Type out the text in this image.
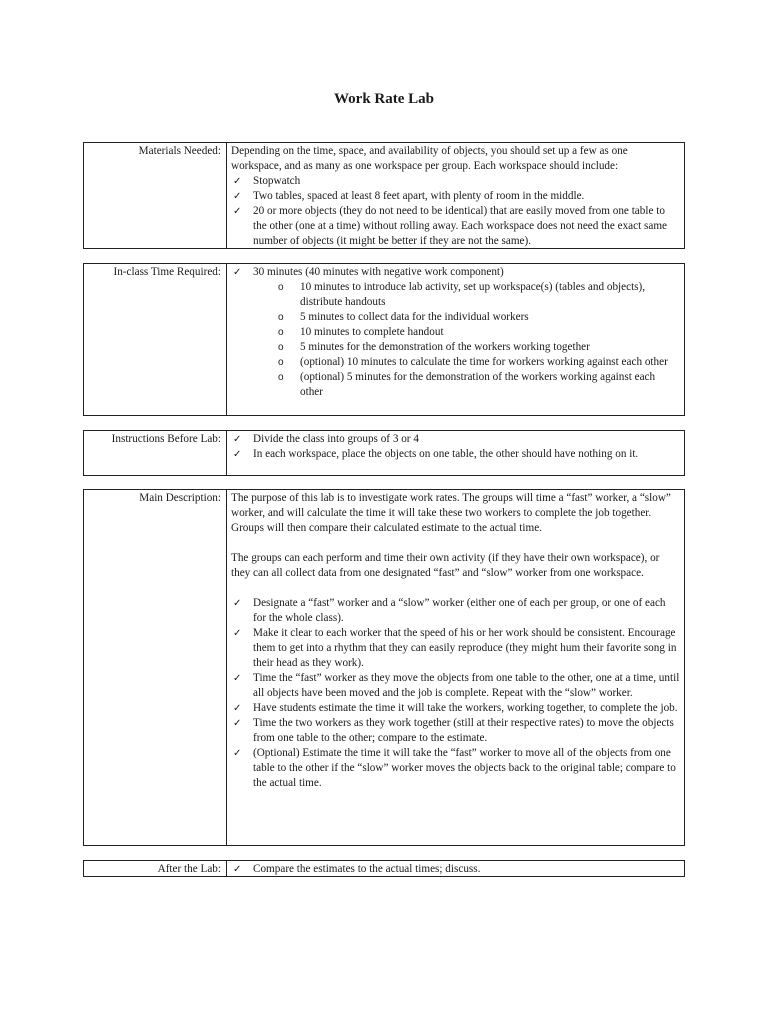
Work Rate Lab
Materials Needed: Depending on the time, space, and availability of objects, you should set up a few as one workspace, and as many as one workspace per group. Each workspace should include:
✓ Stopwatch
✓ Two tables, spaced at least 8 feet apart, with plenty of room in the middle.
✓ 20 or more objects (they do not need to be identical) that are easily moved from one table to the other (one at a time) without rolling away. Each workspace does not need the exact same number of objects (it might be better if they are not the same).
In-class Time Required:	✓ 30 minutes (40 minutes with negative work component)
o 10 minutes to introduce lab activity, set up workspace(s) (tables and objects), distribute handouts
o 5 minutes to collect data for the individual workers
o 10 minutes to complete handout
o 5 minutes for the demonstration of the workers working together
o (optional) 10 minutes to calculate the time for workers working against each other
o (optional) 5 minutes for the demonstration of the workers working against each other
Instructions Before Lab:	✓ Divide the class into groups of 3 or 4
✓ In each workspace, place the objects on one table, the other should have nothing on it.
Main Description: The purpose of this lab is to investigate work rates. The groups will time a “fast” worker, a “slow” worker, and will calculate the time it will take these two workers to complete the job together. Groups will then compare their calculated estimate to the actual time.

The groups can each perform and time their own activity (if they have their own workspace), or they can all collect data from one designated “fast” and “slow” worker from one workspace.

✓ Designate a “fast” worker and a “slow” worker (either one of each per group, or one of each for the whole class).
✓ Make it clear to each worker that the speed of his or her work should be consistent. Encourage them to get into a rhythm that they can easily reproduce (they might hum their favorite song in their head as they work).
✓ Time the “fast” worker as they move the objects from one table to the other, one at a time, until all objects have been moved and the job is complete. Repeat with the “slow” worker.
✓ Have students estimate the time it will take the workers, working together, to complete the job.
✓ Time the two workers as they work together (still at their respective rates) to move the objects from one table to the other; compare to the estimate.
✓ (Optional) Estimate the time it will take the “fast” worker to move all of the objects from one table to the other if the “slow” worker moves the objects back to the original table; compare to the actual time.
After the Lab:	✓ Compare the estimates to the actual times; discuss.
